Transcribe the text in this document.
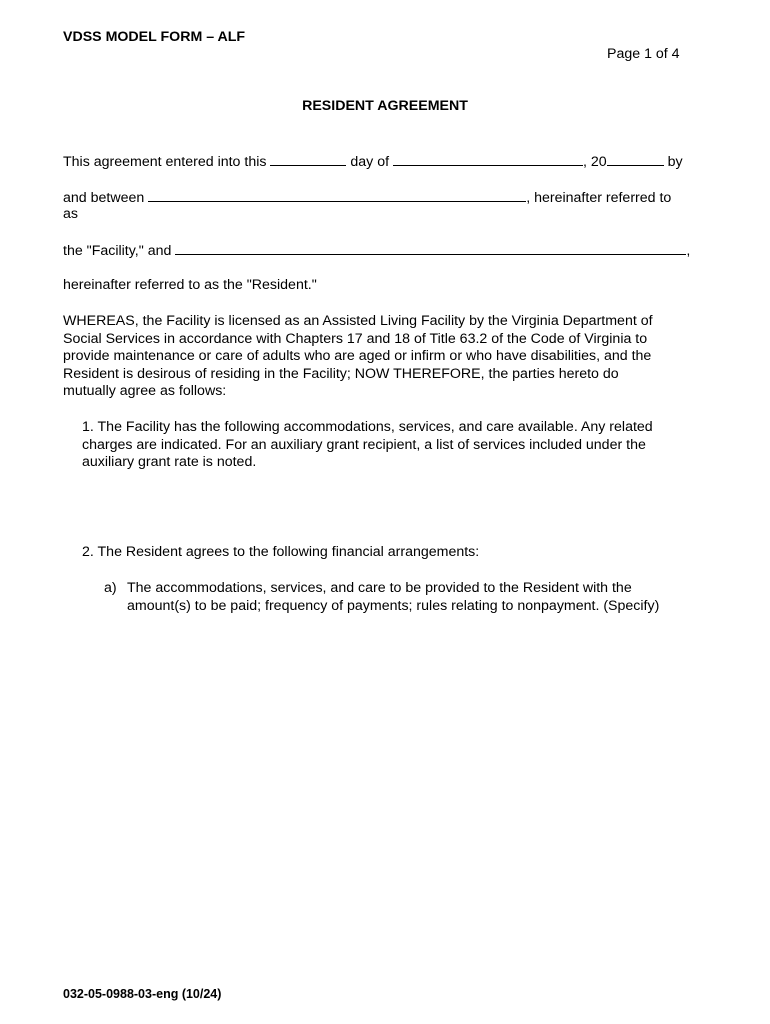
VDSS MODEL FORM – ALF
Page 1 of 4
RESIDENT AGREEMENT
This agreement entered into this	day of	, 20	by
and between	, hereinafter referred to
as
the "Facility," and	,
hereinafter referred to as the "Resident."
WHEREAS, the Facility is licensed as an Assisted Living Facility by the Virginia Department of
Social Services in accordance with Chapters 17 and 18 of Title 63.2 of the Code of Virginia to
provide maintenance or care of adults who are aged or infirm or who have disabilities, and the
Resident is desirous of residing in the Facility; NOW THEREFORE, the parties hereto do
mutually agree as follows:
1. The Facility has the following accommodations, services, and care available. Any related
charges are indicated. For an auxiliary grant recipient, a list of services included under the
auxiliary grant rate is noted.
2. The Resident agrees to the following financial arrangements:
a) The accommodations, services, and care to be provided to the Resident with the
amount(s) to be paid; frequency of payments; rules relating to nonpayment. (Specify)
032-05-0988-03-eng (10/24)
